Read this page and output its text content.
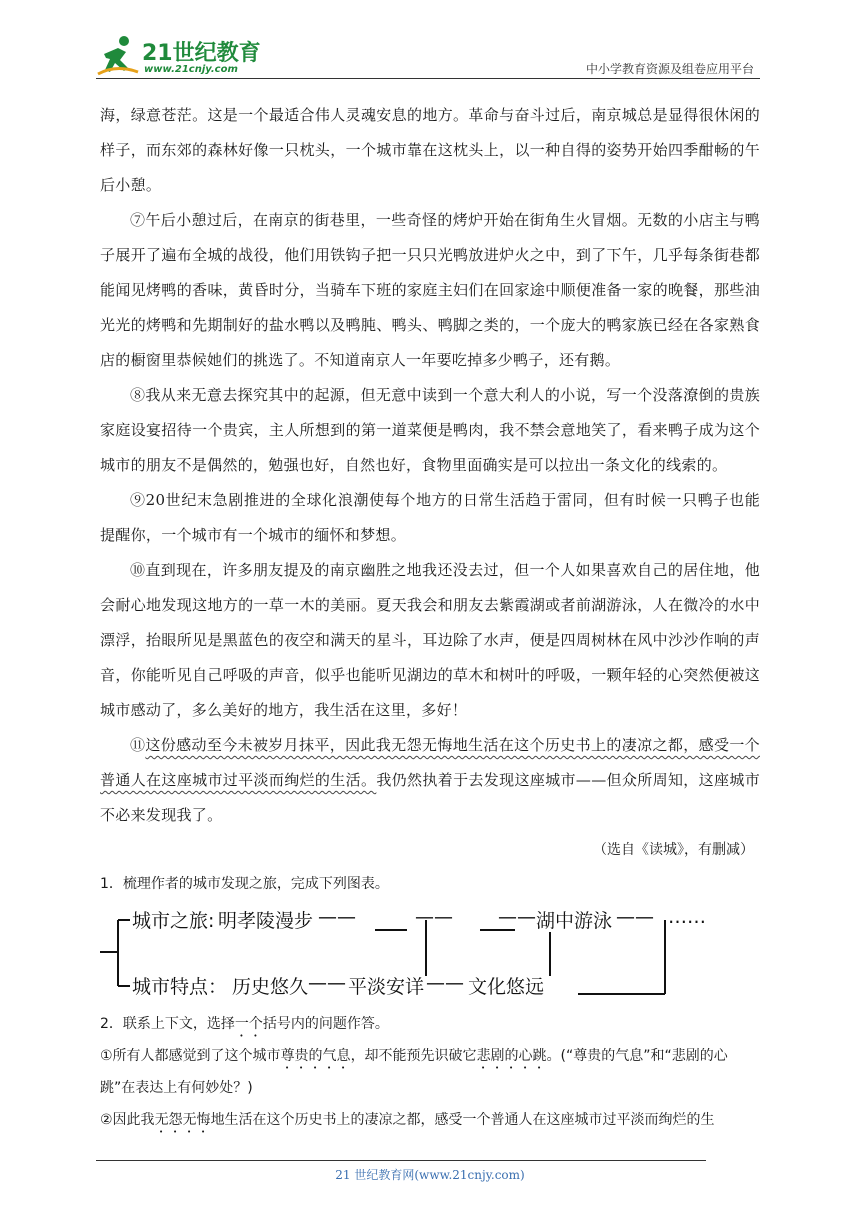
21世纪教育
www.21cnjy.com	中小学教育资源及组卷应用平台

海，绿意苍茫。这是一个最适合伟人灵魂安息的地方。革命与奋斗过后，南京城总是显得很休闲的样子，而东郊的森林好像一只枕头，一个城市靠在这枕头上，以一种自得的姿势开始四季酣畅的午后小憩。

⑦午后小憩过后，在南京的街巷里，一些奇怪的烤炉开始在街角生火冒烟。无数的小店主与鸭子展开了遍布全城的战役，他们用铁钩子把一只只光鸭放进炉火之中，到了下午，几乎每条街巷都能闻见烤鸭的香味，黄昏时分，当骑车下班的家庭主妇们在回家途中顺便准备一家的晚餐，那些油光光的烤鸭和先期制好的盐水鸭以及鸭肫、鸭头、鸭脚之类的，一个庞大的鸭家族已经在各家熟食店的橱窗里恭候她们的挑选了。不知道南京人一年要吃掉多少鸭子，还有鹅。

⑧我从来无意去探究其中的起源，但无意中读到一个意大利人的小说，写一个没落潦倒的贵族家庭设宴招待一个贵宾，主人所想到的第一道菜便是鸭肉，我不禁会意地笑了，看来鸭子成为这个城市的朋友不是偶然的，勉强也好，自然也好，食物里面确实是可以拉出一条文化的线索的。

⑨20世纪末急剧推进的全球化浪潮使每个地方的日常生活趋于雷同，但有时候一只鸭子也能提醒你，一个城市有一个城市的缅怀和梦想。

⑩直到现在，许多朋友提及的南京幽胜之地我还没去过，但一个人如果喜欢自己的居住地，他会耐心地发现这地方的一草一木的美丽。夏天我会和朋友去紫霞湖或者前湖游泳，人在微冷的水中漂浮，抬眼所见是黑蓝色的夜空和满天的星斗，耳边除了水声，便是四周树林在风中沙沙作响的声音，你能听见自己呼吸的声音，似乎也能听见湖边的草木和树叶的呼吸，一颗年轻的心突然便被这城市感动了，多么美好的地方，我生活在这里，多好！

⑪这份感动至今未被岁月抹平，因此我无怨无悔地生活在这个历史书上的凄凉之都，感受一个普通人在这座城市过平淡而绚烂的生活。我仍然执着于去发现这座城市——但众所周知，这座城市不必来发现我了。

（选自《读城》，有删减）

1．梳理作者的城市发现之旅，完成下列图表。

城市之旅: 明孝陵漫步 ——	—— —— 湖中游泳 —— ……
城市特点： 历史悠久 —— 平淡安详 —— 文化悠远

2．联系上下文，选择一个括号内的问题作答。

①所有人都感觉到了这个城市尊贵的气息，却不能预先识破它悲剧的心跳。(“尊贵的气息”和“悲剧的心跳”在表达上有何妙处？)

②因此我无怨无悔地生活在这个历史书上的凄凉之都，感受一个普通人在这座城市过平淡而绚烂的生

21 世纪教育网(www.21cnjy.com)
